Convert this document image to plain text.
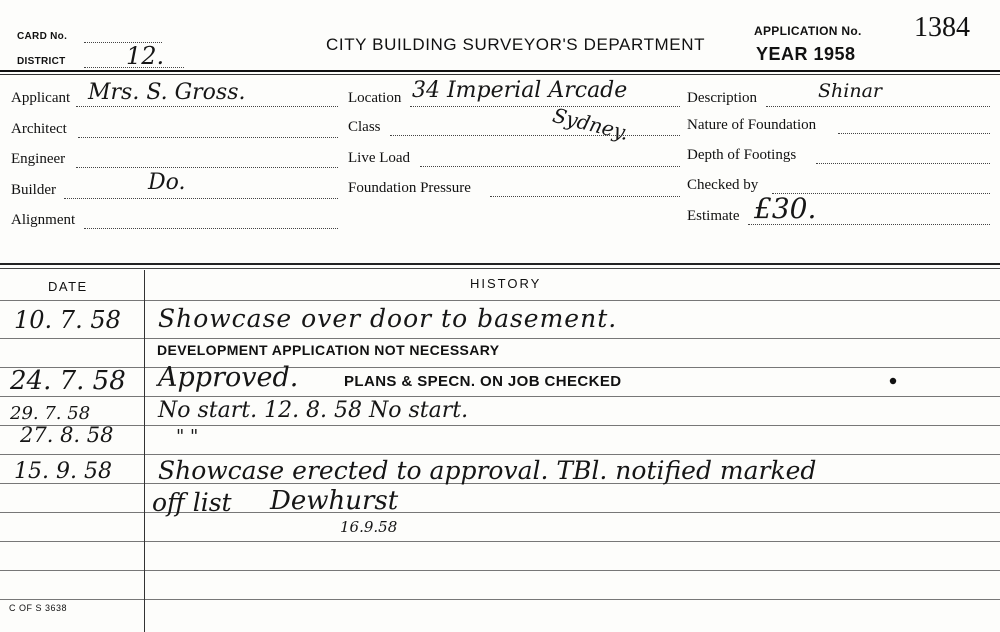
CARD No.
DISTRICT	12.	CITY BUILDING SURVEYOR'S DEPARTMENT
APPLICATION No. 1384
YEAR 1958
Applicant Mrs. S. Gross.
Architect
Engineer
Builder	Do.
Alignment
Location 34 Imperial Arcade
Class	Sydney.
Live Load
Foundation Pressure
Description	Shinar
Nature of Foundation
Depth of Footings
Checked by
Estimate £30.
DATE	HISTORY
10. 7. 58 Showcase over door to basement.
DEVELOPMENT APPLICATION NOT NECESSARY
24. 7. 58 Approved.	PLANS & SPECN. ON JOB CHECKED
29. 7. 58	No start. 12. 8. 58 No start.
27. 8. 58	" "
15. 9. 58 Showcase erected to approval. TBl. notified marked
off list Dewhurst
16.9.58
C OF S 3638
